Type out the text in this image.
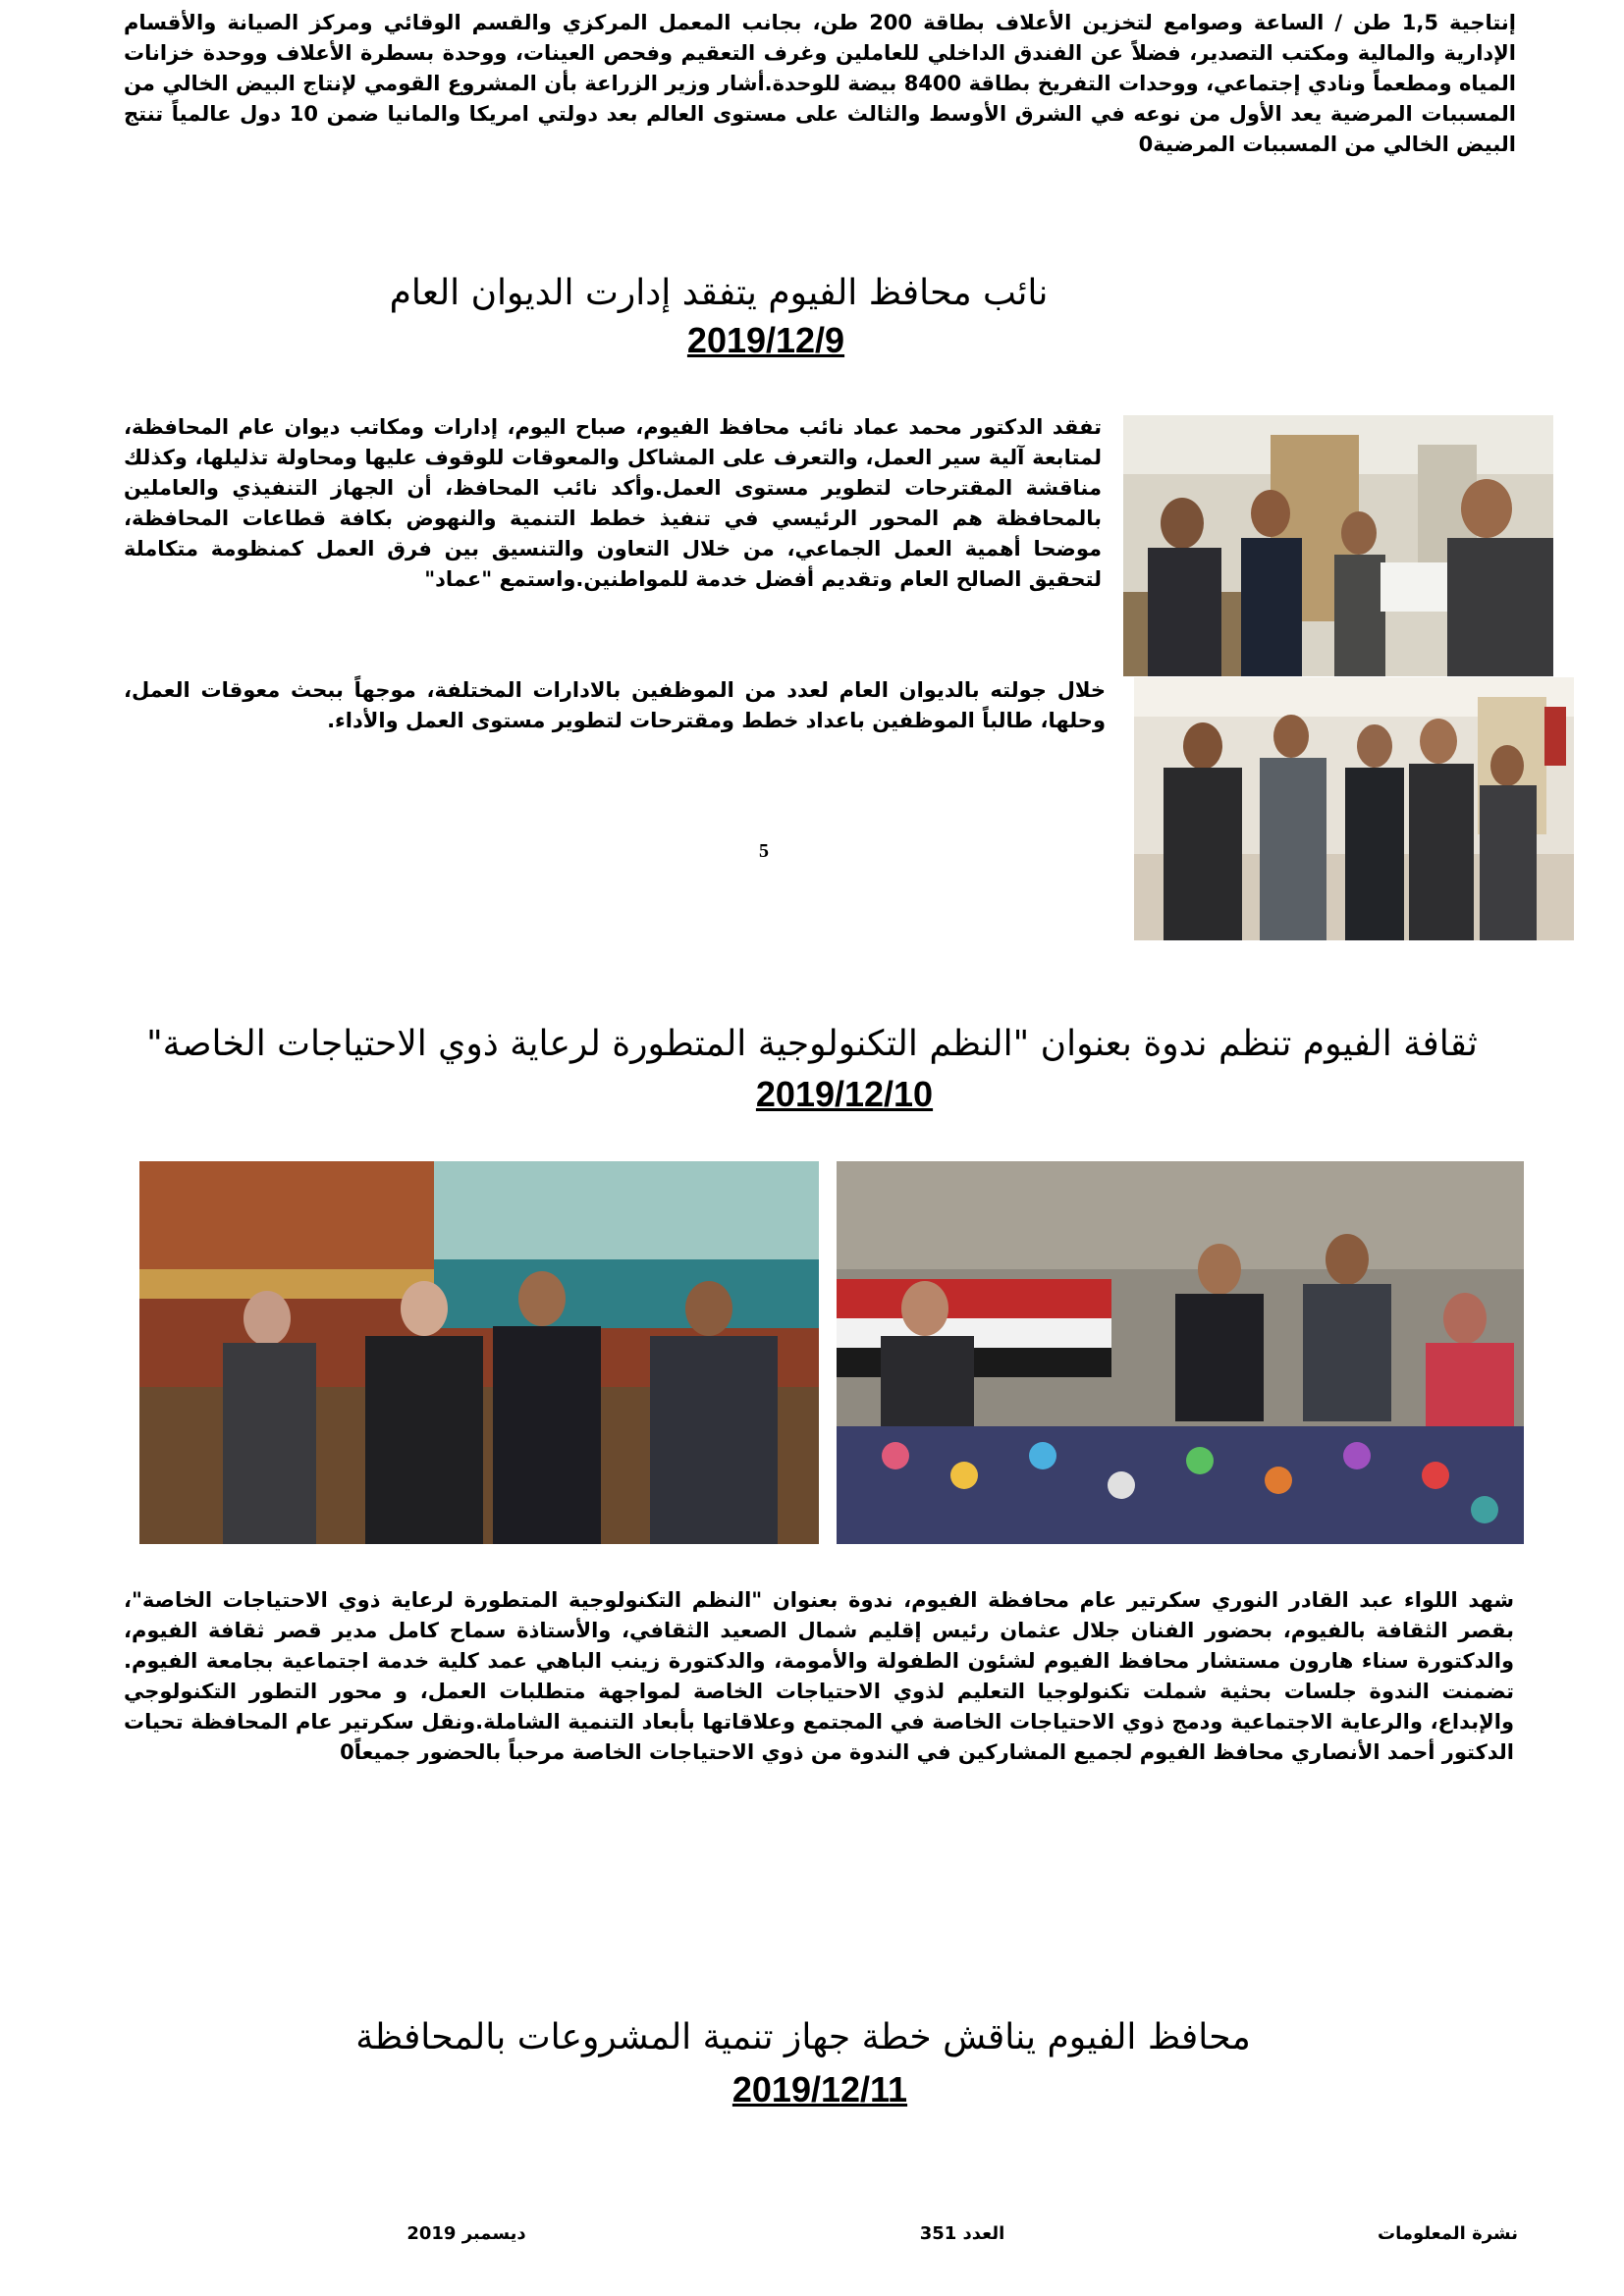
إنتاجية 1,5 طن / الساعة وصوامع لتخزين الأعلاف بطاقة 200 طن، بجانب المعمل المركزي والقسم الوقائي ومركز الصيانة والأقسام الإدارية والمالية ومكتب التصدير، فضلاً عن الفندق الداخلي للعاملين وغرف التعقيم وفحص العينات، ووحدة بسطرة الأعلاف ووحدة خزانات المياه ومطعماً ونادي إجتماعي، ووحدات التفريخ بطاقة 8400 بيضة للوحدة.أشار وزير الزراعة بأن المشروع القومي لإنتاج البيض الخالي من المسببات المرضية يعد الأول من نوعه في الشرق الأوسط والثالث على مستوى العالم بعد دولتي امريكا والمانيا ضمن 10 دول عالمياً تنتج البيض الخالي من المسببات المرضية0
نائب محافظ الفيوم يتفقد إدارت الديوان العام
2019/12/9
تفقد الدكتور محمد عماد نائب محافظ الفيوم، صباح اليوم، إدارات ومكاتب ديوان عام المحافظة، لمتابعة آلية سير العمل، والتعرف على المشاكل والمعوقات للوقوف عليها ومحاولة تذليلها، وكذلك مناقشة المقترحات لتطوير مستوى العمل.وأكد نائب المحافظ، أن الجهاز التنفيذي والعاملين بالمحافظة هم المحور الرئيسي في تنفيذ خطط التنمية والنهوض بكافة قطاعات المحافظة، موضحا أهمية العمل الجماعي، من خلال التعاون والتنسيق بين فرق العمل كمنظومة متكاملة لتحقيق الصالح العام وتقديم أفضل خدمة للمواطنين.واستمع "عماد"
خلال جولته بالديوان العام لعدد من الموظفين بالادارات المختلفة، موجهاً ببحث معوقات العمل، وحلها، طالباً الموظفين باعداد خطط ومقترحات لتطوير مستوى العمل والأداء.
5
ثقافة الفيوم تنظم ندوة بعنوان "النظم التكنولوجية المتطورة لرعاية ذوي الاحتياجات الخاصة"
2019/12/10
شهد اللواء عبد القادر النوري سكرتير عام محافظة الفيوم، ندوة بعنوان "النظم التكنولوجية المتطورة لرعاية ذوي الاحتياجات الخاصة"، بقصر الثقافة بالفيوم، بحضور الفنان جلال عثمان رئيس إقليم شمال الصعيد الثقافي، والأستاذة سماح كامل مدير قصر ثقافة الفيوم، والدكتورة سناء هارون مستشار محافظ الفيوم لشئون الطفولة والأمومة، والدكتورة زينب الباهي عمد كلية خدمة اجتماعية بجامعة الفيوم. تضمنت الندوة جلسات بحثية شملت تكنولوجيا التعليم لذوي الاحتياجات الخاصة لمواجهة متطلبات العمل، و محور التطور التكنولوجي والإبداع، والرعاية الاجتماعية ودمج ذوي الاحتياجات الخاصة في المجتمع وعلاقاتها بأبعاد التنمية الشاملة.ونقل سكرتير عام المحافظة تحيات الدكتور أحمد الأنصاري محافظ الفيوم لجميع المشاركين في الندوة من ذوي الاحتياجات الخاصة مرحباً بالحضور جميعاً0
محافظ الفيوم يناقش خطة جهاز تنمية المشروعات بالمحافظة
2019/12/11
نشرة المعلومات
العدد 351
ديسمبر 2019
